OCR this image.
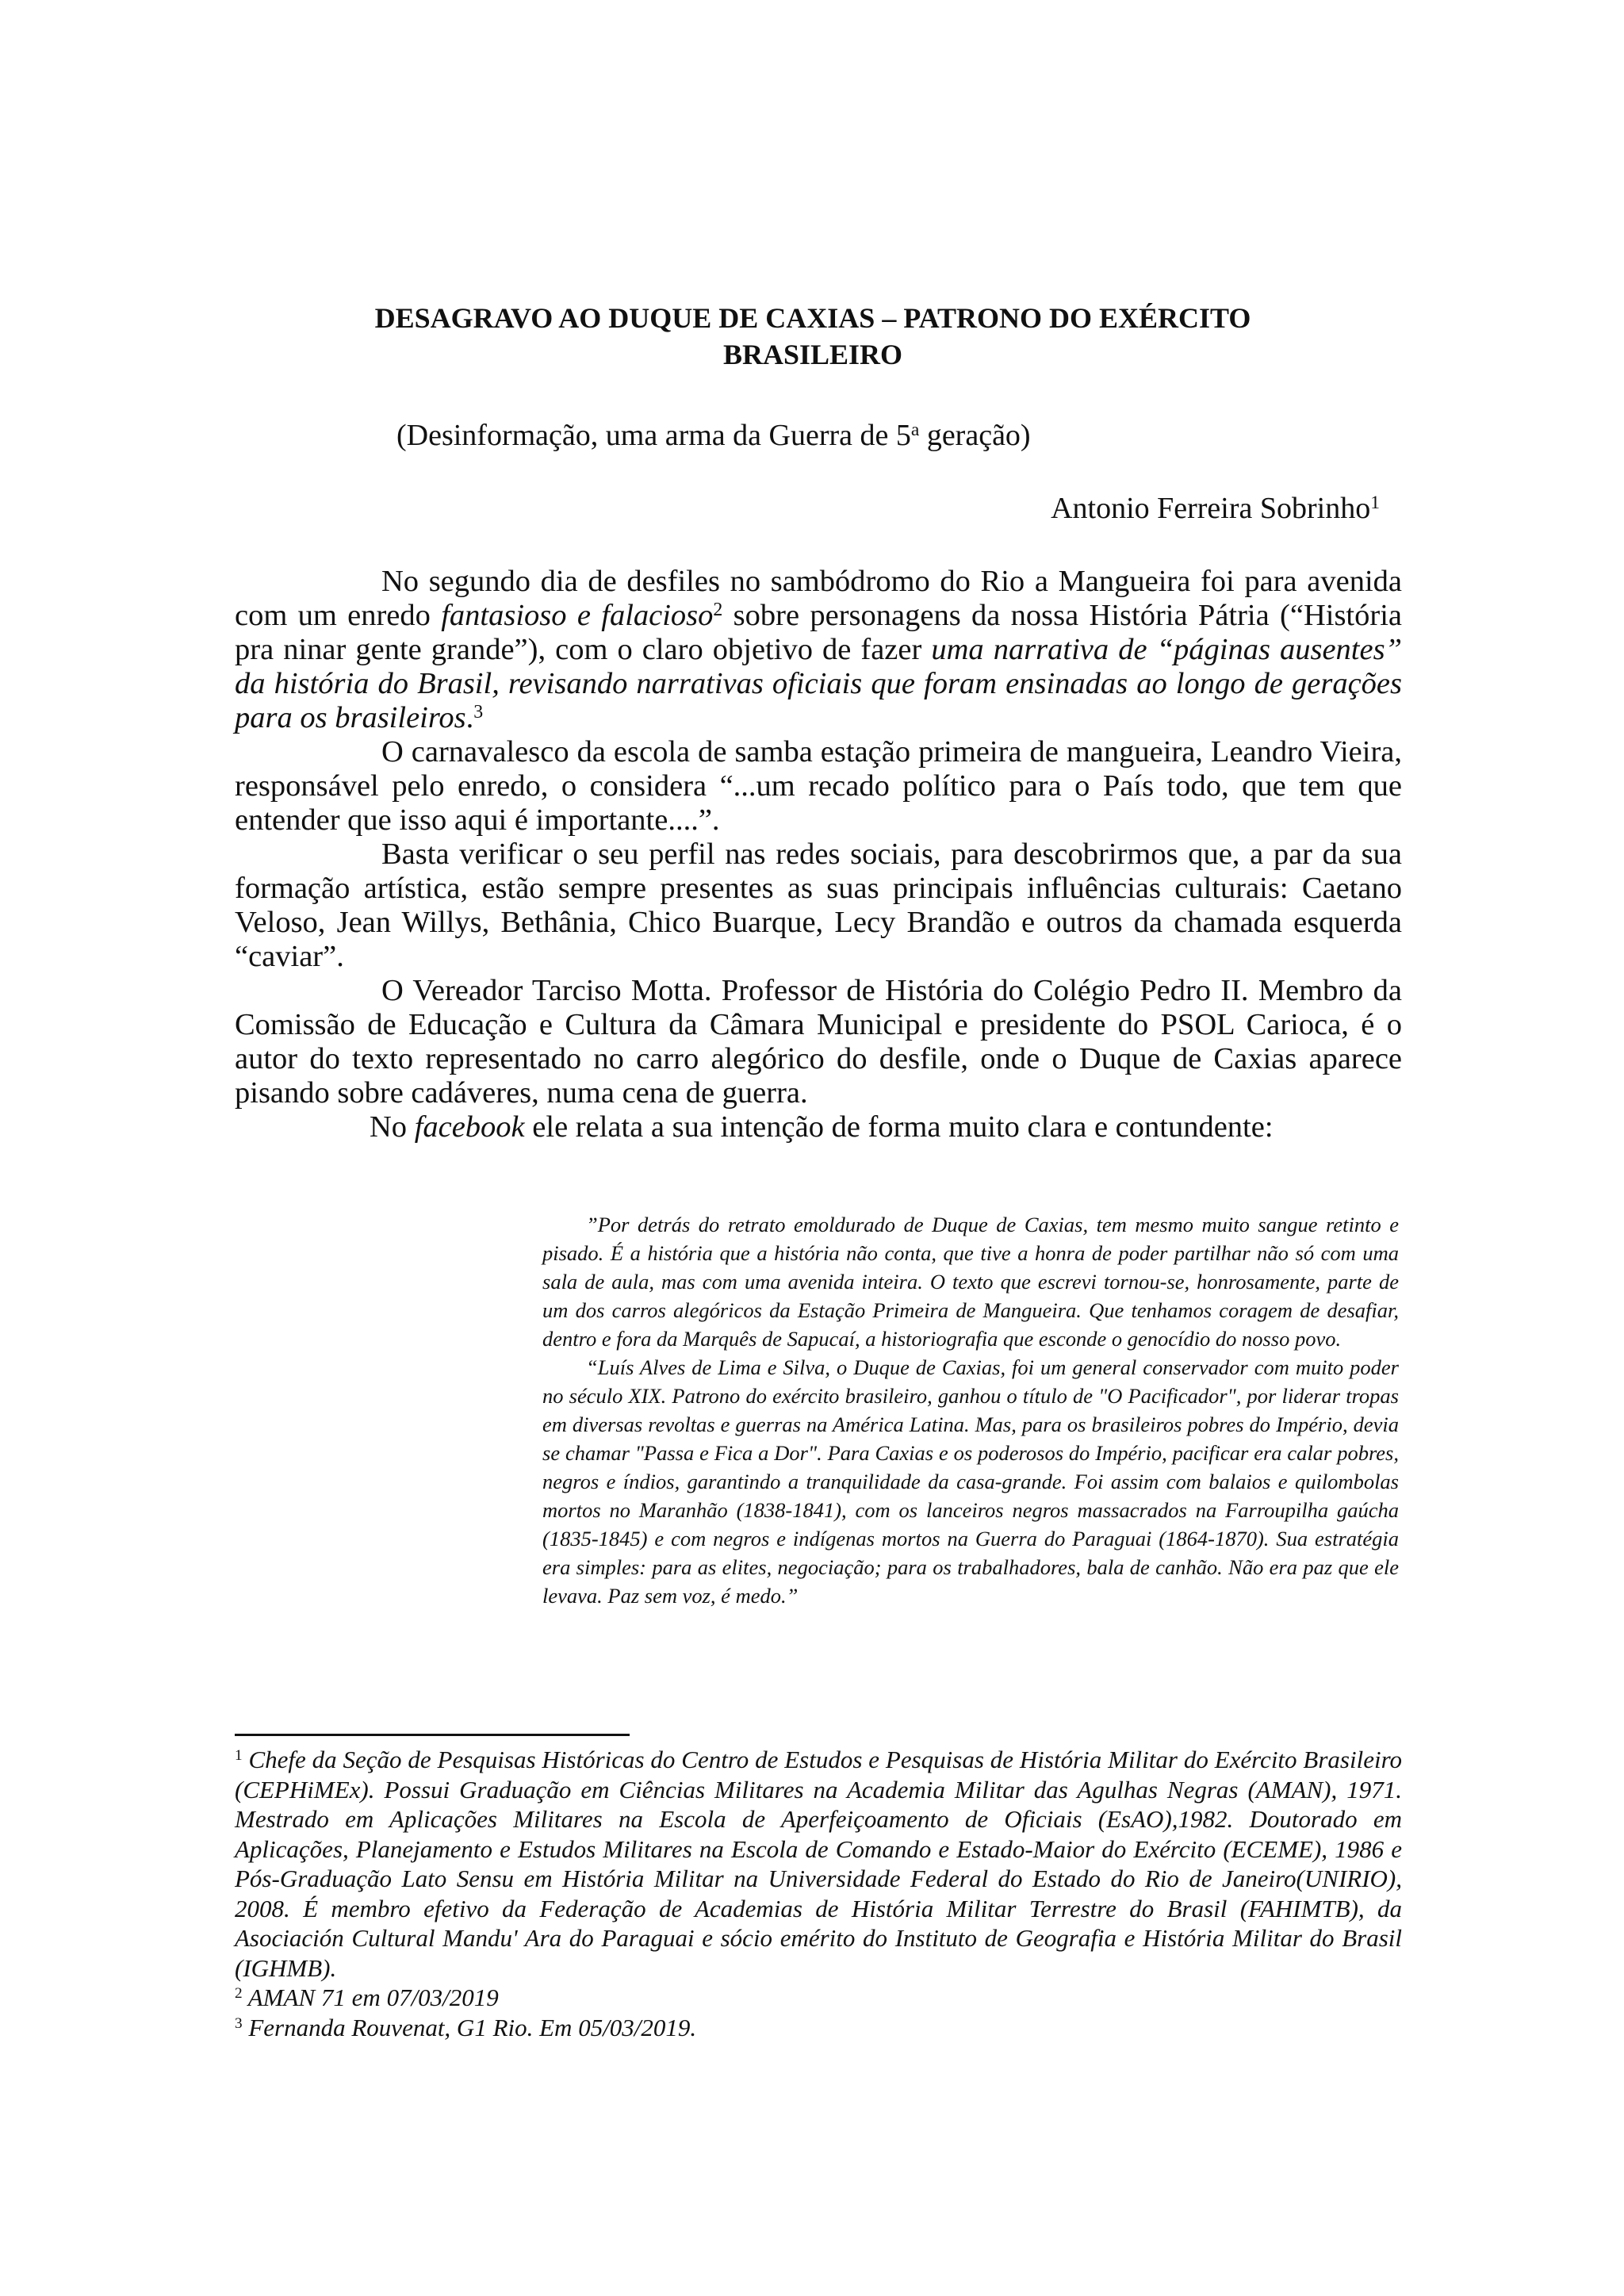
DESAGRAVO AO DUQUE DE CAXIAS – PATRONO DO EXÉRCITO
BRASILEIRO

(Desinformação, uma arma da Guerra de 5$^a$ geração)

Antonio Ferreira Sobrinho$^1$

No segundo dia de desfiles no sambódromo do Rio a Mangueira foi para avenida com um enredo fantasioso e falacioso$^2$ sobre personagens da nossa História Pátria (“História pra ninar gente grande”), com o claro objetivo de fazer uma narrativa de “páginas ausentes” da história do Brasil, revisando narrativas oficiais que foram ensinadas ao longo de gerações para os brasileiros.$^3$

O carnavalesco da escola de samba estação primeira de mangueira, Leandro Vieira, responsável pelo enredo, o considera “...um recado político para o País todo, que tem que entender que isso aqui é importante....”.

Basta verificar o seu perfil nas redes sociais, para descobrirmos que, a par da sua formação artística, estão sempre presentes as suas principais influências culturais: Caetano Veloso, Jean Willys, Bethânia, Chico Buarque, Lecy Brandão e outros da chamada esquerda “caviar”.

O Vereador Tarciso Motta. Professor de História do Colégio Pedro II. Membro da Comissão de Educação e Cultura da Câmara Municipal e presidente do PSOL Carioca, é o autor do texto representado no carro alegórico do desfile, onde o Duque de Caxias aparece pisando sobre cadáveres, numa cena de guerra.

No facebook ele relata a sua intenção de forma muito clara e contundente:

”Por detrás do retrato emoldurado de Duque de Caxias, tem mesmo muito sangue retinto e pisado. É a história que a história não conta, que tive a honra de poder partilhar não só com uma sala de aula, mas com uma avenida inteira. O texto que escrevi tornou-se, honrosamente, parte de um dos carros alegóricos da Estação Primeira de Mangueira. Que tenhamos coragem de desafiar, dentro e fora da Marquês de Sapucaí, a historiografia que esconde o genocídio do nosso povo.

“Luís Alves de Lima e Silva, o Duque de Caxias, foi um general conservador com muito poder no século XIX. Patrono do exército brasileiro, ganhou o título de "O Pacificador", por liderar tropas em diversas revoltas e guerras na América Latina. Mas, para os brasileiros pobres do Império, devia se chamar "Passa e Fica a Dor". Para Caxias e os poderosos do Império, pacificar era calar pobres, negros e índios, garantindo a tranquilidade da casa-grande. Foi assim com balaios e quilombolas mortos no Maranhão (1838-1841), com os lanceiros negros massacrados na Farroupilha gaúcha (1835-1845) e com negros e indígenas mortos na Guerra do Paraguai (1864-1870). Sua estratégia era simples: para as elites, negociação; para os trabalhadores, bala de canhão. Não era paz que ele levava. Paz sem voz, é medo.”

$^1$ Chefe da Seção de Pesquisas Históricas do Centro de Estudos e Pesquisas de História Militar do Exército Brasileiro (CEPHiMEx). Possui Graduação em Ciências Militares na Academia Militar das Agulhas Negras (AMAN), 1971. Mestrado em Aplicações Militares na Escola de Aperfeiçoamento de Oficiais (EsAO),1982. Doutorado em Aplicações, Planejamento e Estudos Militares na Escola de Comando e Estado-Maior do Exército (ECEME), 1986 e Pós-Graduação Lato Sensu em História Militar na Universidade Federal do Estado do Rio de Janeiro(UNIRIO), 2008. É membro efetivo da Federação de Academias de História Militar Terrestre do Brasil (FAHIMTB), da Asociación Cultural Mandu' Ara do Paraguai e sócio emérito do Instituto de Geografia e História Militar do Brasil (IGHMB).

$^2$ AMAN 71 em 07/03/2019

$^3$ Fernanda Rouvenat, G1 Rio. Em 05/03/2019.
